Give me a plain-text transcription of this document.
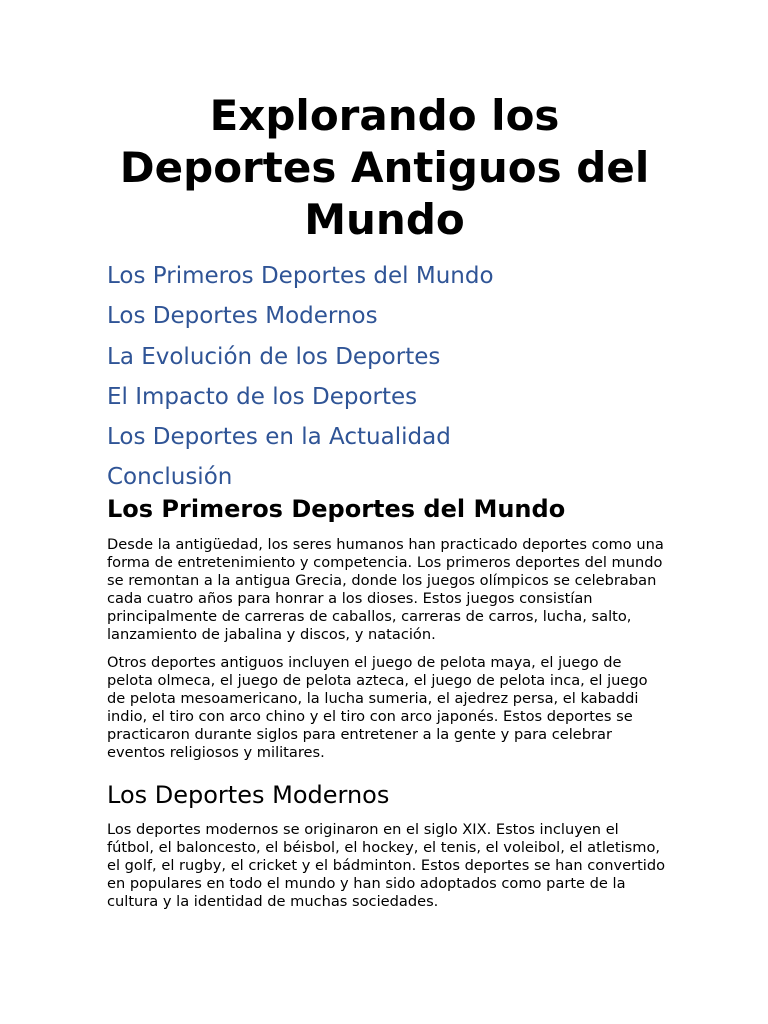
Explorando los Deportes Antiguos del Mundo
Los Primeros Deportes del Mundo
Los Deportes Modernos
La Evolución de los Deportes
El Impacto de los Deportes
Los Deportes en la Actualidad
Conclusión
Los Primeros Deportes del Mundo

Desde la antigüedad, los seres humanos han practicado deportes como una forma de entretenimiento y competencia. Los primeros deportes del mundo se remontan a la antigua Grecia, donde los juegos olímpicos se celebraban cada cuatro años para honrar a los dioses. Estos juegos consistían principalmente de carreras de caballos, carreras de carros, lucha, salto, lanzamiento de jabalina y discos, y natación.

Otros deportes antiguos incluyen el juego de pelota maya, el juego de pelota olmeca, el juego de pelota azteca, el juego de pelota inca, el juego de pelota mesoamericano, la lucha sumeria, el ajedrez persa, el kabaddi indio, el tiro con arco chino y el tiro con arco japonés. Estos deportes se practicaron durante siglos para entretener a la gente y para celebrar eventos religiosos y militares.

Los Deportes Modernos

Los deportes modernos se originaron en el siglo XIX. Estos incluyen el fútbol, el baloncesto, el béisbol, el hockey, el tenis, el voleibol, el atletismo, el golf, el rugby, el cricket y el bádminton. Estos deportes se han convertido en populares en todo el mundo y han sido adoptados como parte de la cultura y la identidad de muchas sociedades.
